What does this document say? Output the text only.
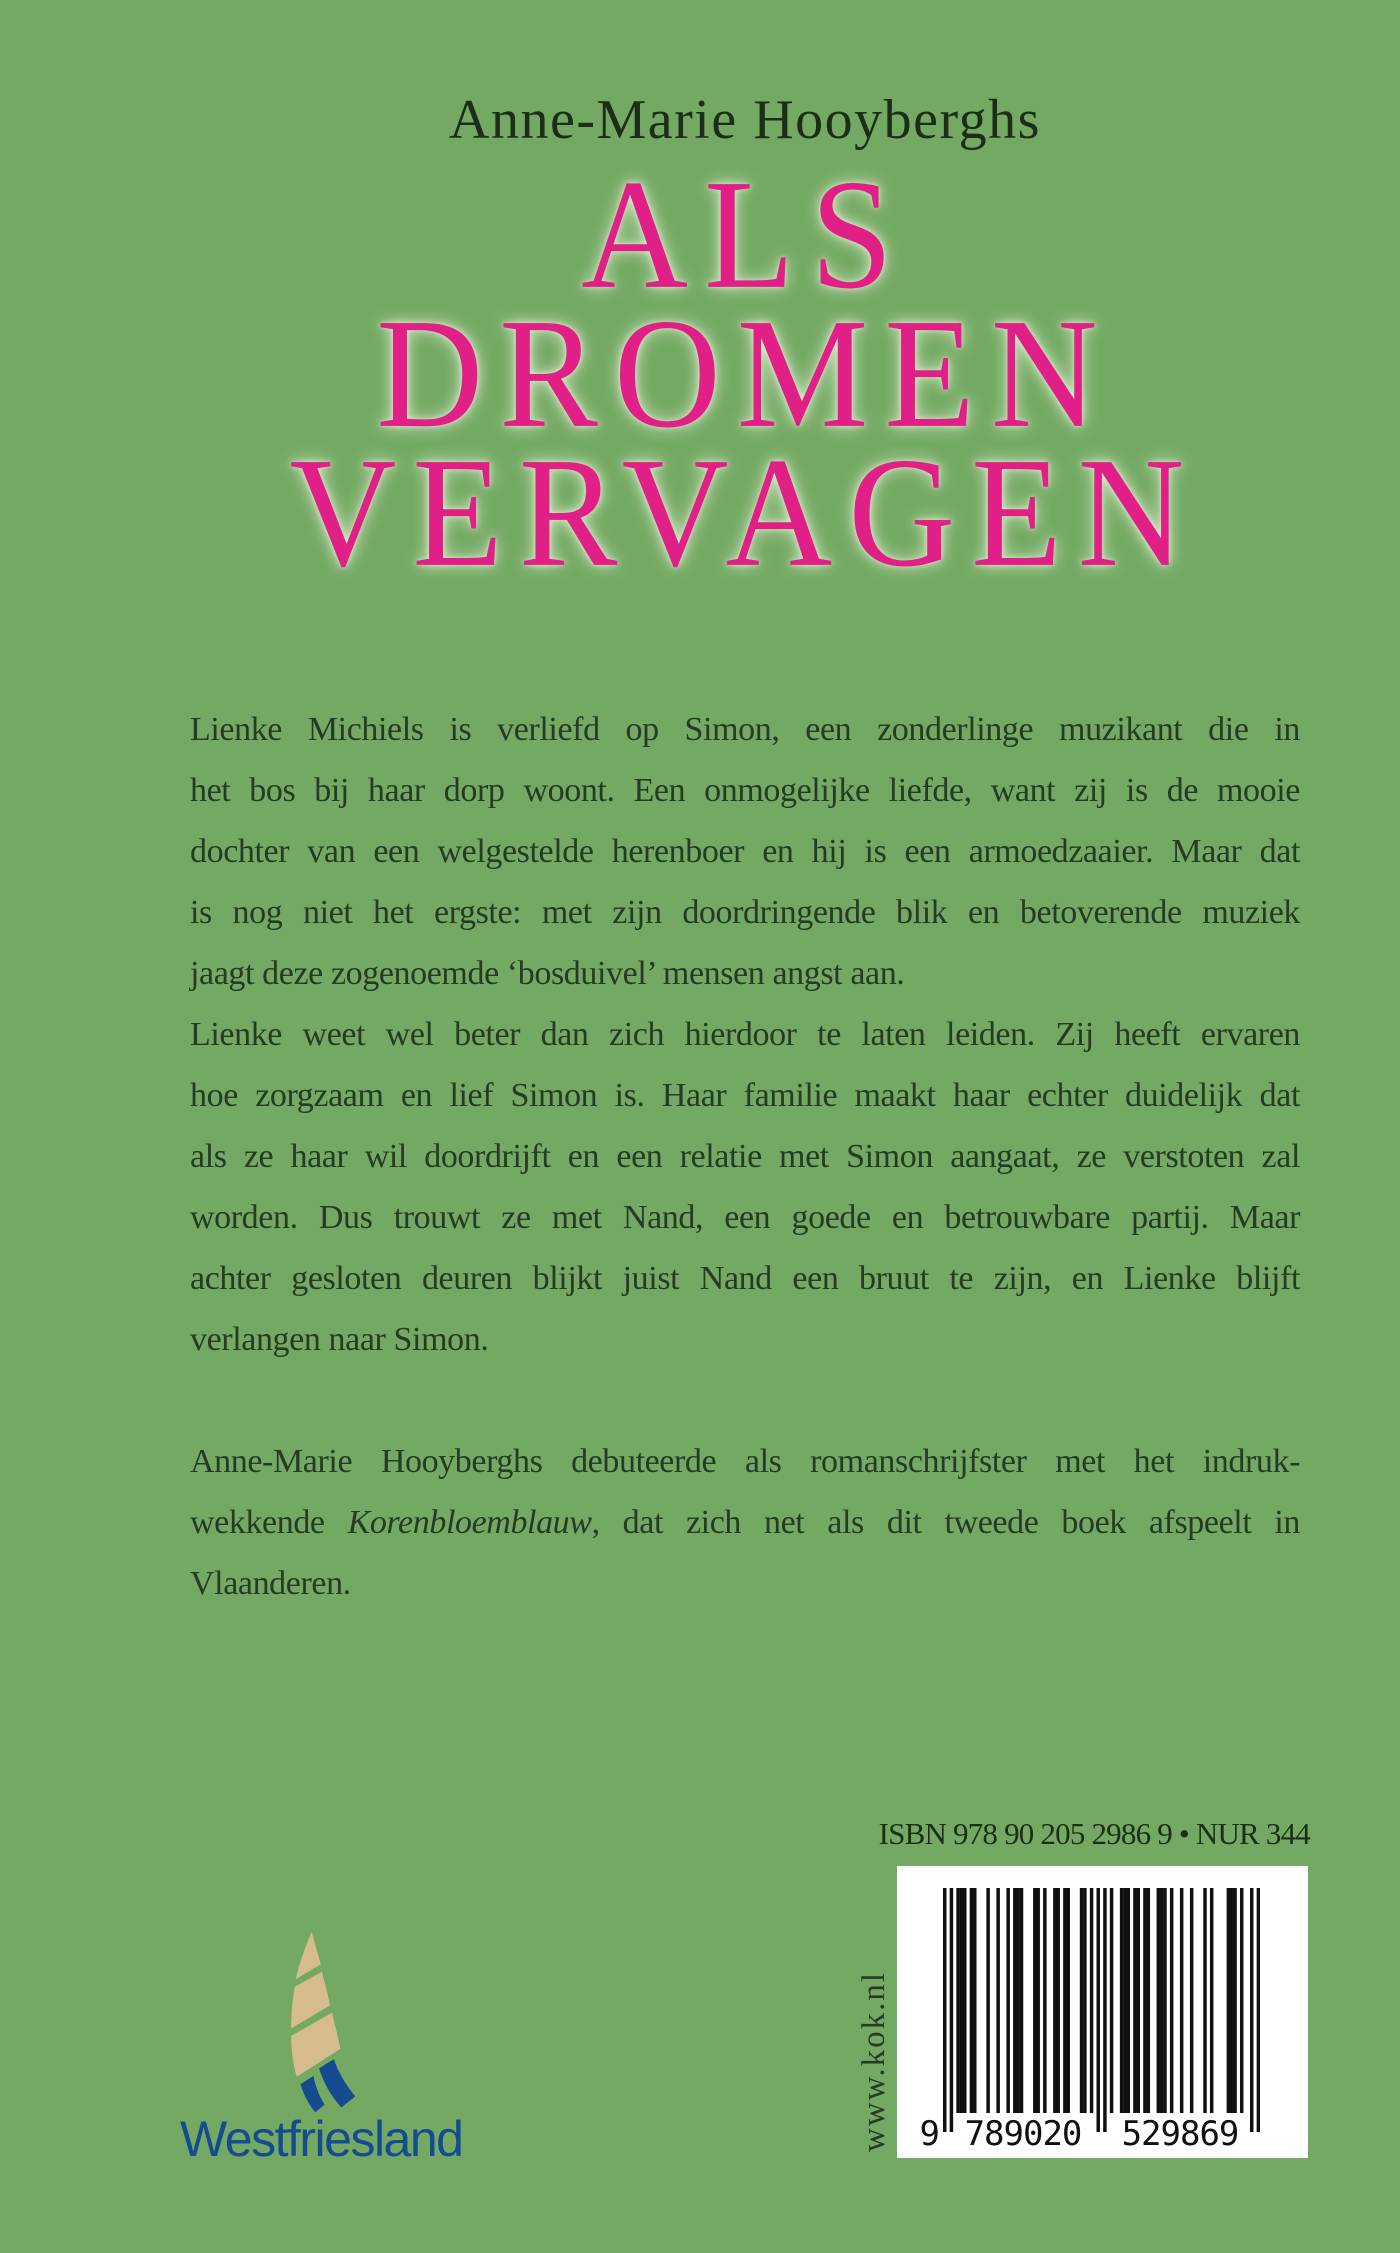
Anne-Marie Hooyberghs
ALS
DROMEN
VERVAGEN
Lienke Michiels is verliefd op Simon, een zonderlinge muzikant die in
het bos bij haar dorp woont. Een onmogelijke liefde, want zij is de mooie
dochter van een welgestelde herenboer en hij is een armoedzaaier. Maar dat
is nog niet het ergste: met zijn doordringende blik en betoverende muziek
jaagt deze zogenoemde ‘bosduivel’ mensen angst aan.
Lienke weet wel beter dan zich hierdoor te laten leiden. Zij heeft ervaren
hoe zorgzaam en lief Simon is. Haar familie maakt haar echter duidelijk dat
als ze haar wil doordrijft en een relatie met Simon aangaat, ze verstoten zal
worden. Dus trouwt ze met Nand, een goede en betrouwbare partij. Maar
achter gesloten deuren blijkt juist Nand een bruut te zijn, en Lienke blijft
verlangen naar Simon.
Anne-Marie Hooyberghs debuteerde als romanschrijfster met het indruk-
wekkende Korenbloemblauw, dat zich net als dit tweede boek afspeelt in
Vlaanderen.
ISBN 978 90 205 2986 9 • NUR 344
www.kok.nl 9 789020	529869
Westfriesland
